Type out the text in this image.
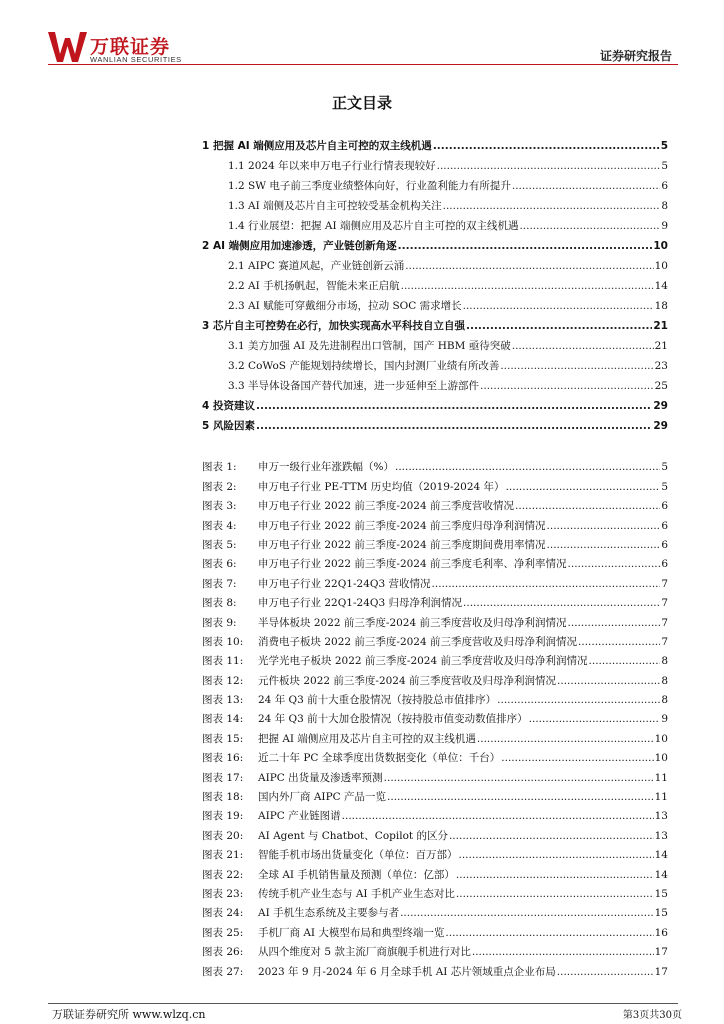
万联证券
WANLIAN SECURITIES	证券研究报告
正文目录
1 把握 AI 端侧应用及芯片自主可控的双主线机遇 .....	5
1.1 2024 年以来申万电子行业行情表现较好 .....	5
1.2 SW 电子前三季度业绩整体向好，行业盈利能力有所提升 .....	6
1.3 AI 端侧及芯片自主可控较受基金机构关注 .....	8
1.4 行业展望：把握 AI 端侧应用及芯片自主可控的双主线机遇 .....	9
2 AI 端侧应用加速渗透，产业链创新角逐 .....	10
2.1 AIPC 赛道风起，产业链创新云涌 .....	10
2.2 AI 手机扬帆起，智能未来正启航 .....	14
2.3 AI 赋能可穿戴细分市场，拉动 SOC 需求增长 .....	18
3 芯片自主可控势在必行，加快实现高水平科技自立自强 .....	21
3.1 美方加强 AI 及先进制程出口管制，国产 HBM 亟待突破 .....	21
3.2 CoWoS 产能规划持续增长，国内封测厂业绩有所改善 .....	23
3.3 半导体设备国产替代加速，进一步延伸至上游部件 .....	25
4 投资建议 .....	29
5 风险因素 .....	29
图表 1:	申万一级行业年涨跌幅（%） .....	5
图表 2:	申万电子行业 PE-TTM 历史均值（2019-2024 年） .....	5
图表 3:	申万电子行业 2022 前三季度-2024 前三季度营收情况 .....	6
图表 4:	申万电子行业 2022 前三季度-2024 前三季度归母净利润情况 .....	6
图表 5:	申万电子行业 2022 前三季度-2024 前三季度期间费用率情况 .....	6
图表 6:	申万电子行业 2022 前三季度-2024 前三季度毛利率、净利率情况 .....	6
图表 7:	申万电子行业 22Q1-24Q3 营收情况 .....	7
图表 8:	申万电子行业 22Q1-24Q3 归母净利润情况 .....	7
图表 9:	半导体板块 2022 前三季度-2024 前三季度营收及归母净利润情况 .....	7
图表 10:	消费电子板块 2022 前三季度-2024 前三季度营收及归母净利润情况 .....	7
图表 11:	光学光电子板块 2022 前三季度-2024 前三季度营收及归母净利润情况 .....	8
图表 12:	元件板块 2022 前三季度-2024 前三季度营收及归母净利润情况 .....	8
图表 13:	24 年 Q3 前十大重仓股情况（按持股总市值排序） .....	8
图表 14:	24 年 Q3 前十大加仓股情况（按持股市值变动数值排序） .....	9
图表 15:	把握 AI 端侧应用及芯片自主可控的双主线机遇 .....	10
图表 16:	近二十年 PC 全球季度出货数据变化（单位：千台） .....	10
图表 17:	AIPC 出货量及渗透率预测 .....	11
图表 18:	国内外厂商 AIPC 产品一览 .....	11
图表 19:	AIPC 产业链图谱 .....	13
图表 20:	AI Agent 与 Chatbot、Copilot 的区分 .....	13
图表 21:	智能手机市场出货量变化（单位：百万部） .....	14
图表 22:	全球 AI 手机销售量及预测（单位：亿部） .....	14
图表 23:	传统手机产业生态与 AI 手机产业生态对比 .....	15
图表 24:	AI 手机生态系统及主要参与者 .....	15
图表 25:	手机厂商 AI 大模型布局和典型终端一览 .....	16
图表 26:	从四个维度对 5 款主流厂商旗舰手机进行对比 .....	17
图表 27:	2023 年 9 月-2024 年 6 月全球手机 AI 芯片领域重点企业布局 .....	17
万联证券研究所 www.wlzq.cn	第3页共30页
